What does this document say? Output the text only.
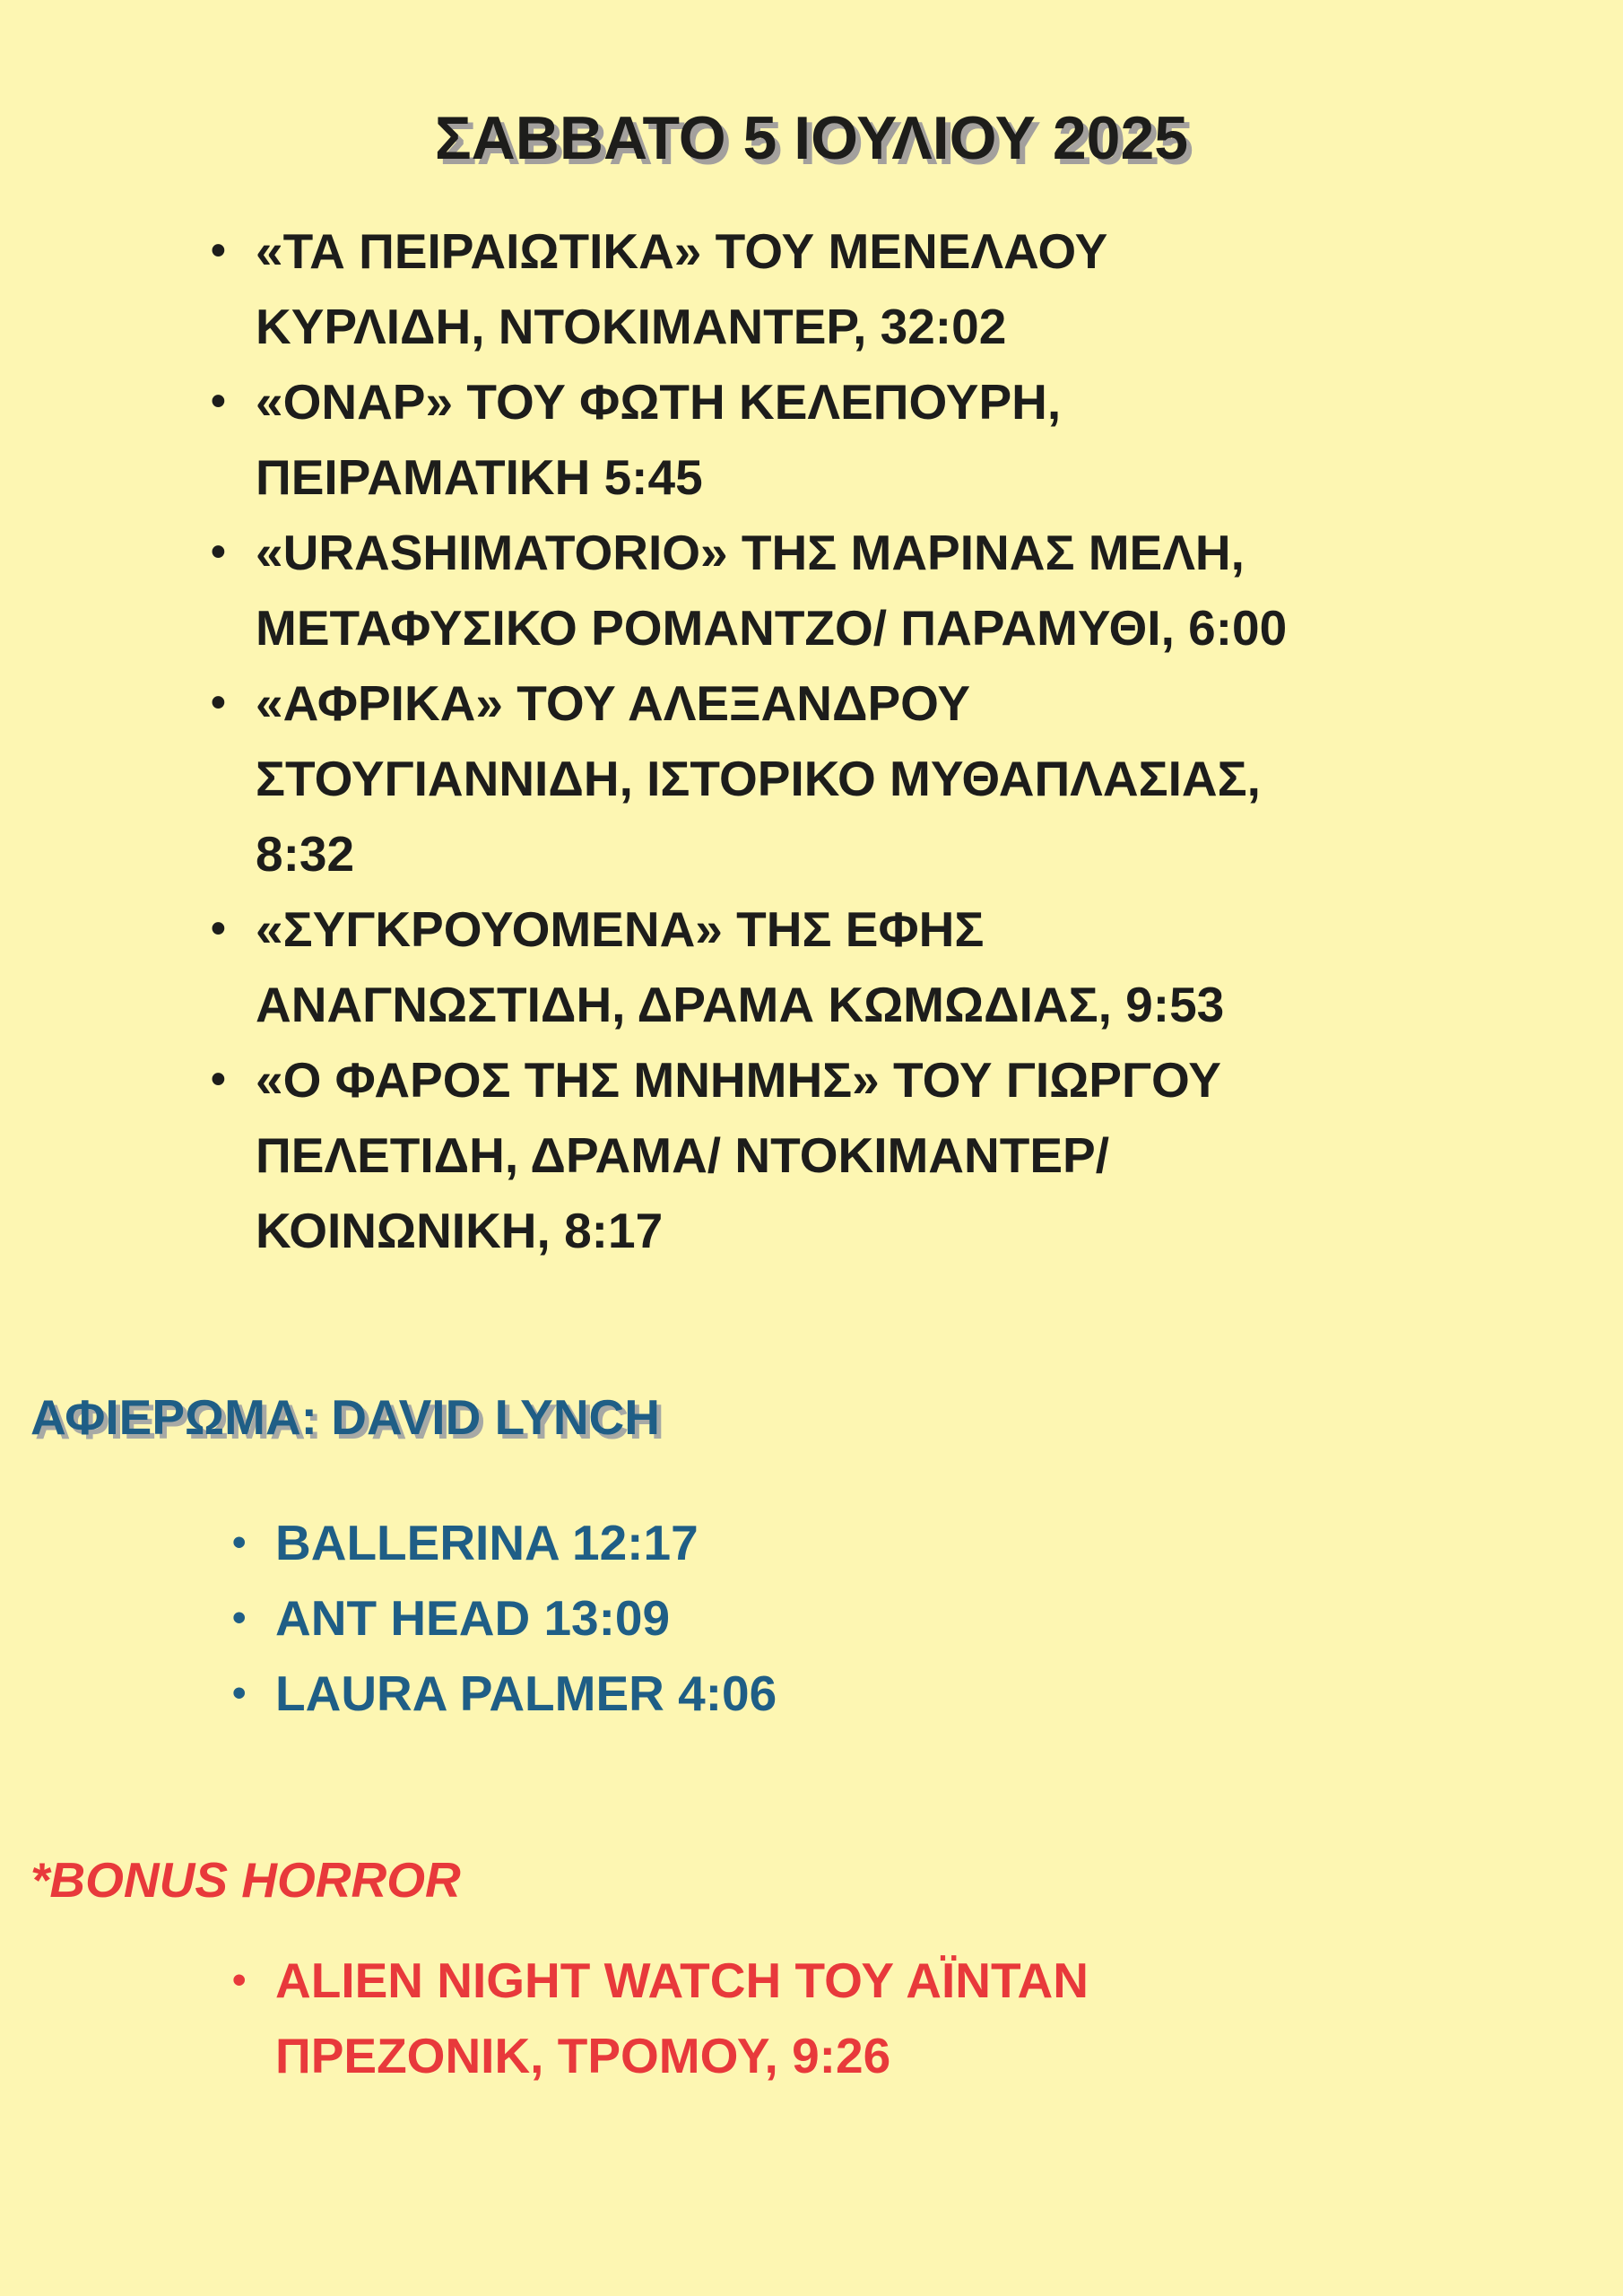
ΣΑΒΒΑΤΟ 5 ΙΟΥΛΙΟΥ 2025
• «ΤΑ ΠΕΙΡΑΙΩΤΙΚΑ» ΤΟΥ ΜΕΝΕΛΑΟΥ
ΚΥΡΛΙΔΗ, ΝΤΟΚΙΜΑΝΤΕΡ, 32:02
• «ΟΝΑΡ» ΤΟΥ ΦΩΤΗ ΚΕΛΕΠΟΥΡΗ,
ΠΕΙΡΑΜΑΤΙΚΗ 5:45
• «URASHIMATORIO» ΤΗΣ ΜΑΡΙΝΑΣ ΜΕΛΗ,
ΜΕΤΑΦΥΣΙΚΟ ΡΟΜΑΝΤΖΟ/ ΠΑΡΑΜΥΘΙ, 6:00
• «ΑΦΡΙΚΑ» ΤΟΥ ΑΛΕΞΑΝΔΡΟΥ
ΣΤΟΥΓΙΑΝΝΙΔΗ, ΙΣΤΟΡΙΚΟ ΜΥΘΑΠΛΑΣΙΑΣ,
8:32
• «ΣΥΓΚΡΟΥΟΜΕΝΑ» ΤΗΣ ΕΦΗΣ
ΑΝΑΓΝΩΣΤΙΔΗ, ΔΡΑΜΑ ΚΩΜΩΔΙΑΣ, 9:53
• «Ο ΦΑΡΟΣ ΤΗΣ ΜΝΗΜΗΣ» ΤΟΥ ΓΙΩΡΓΟΥ
ΠΕΛΕΤΙΔΗ, ΔΡΑΜΑ/ ΝΤΟΚΙΜΑΝΤΕΡ/
ΚΟΙΝΩΝΙΚΗ, 8:17
ΑΦΙΕΡΩΜΑ: DAVID LYNCH
• BALLERINA 12:17
• ANT HEAD 13:09
• LAURA PALMER 4:06
*BONUS HORROR
• ALIEN NIGHT WATCH ΤΟΥ ΑΪΝΤΑΝ
ΠΡΕΖΟΝΙΚ, ΤΡΟΜΟΥ, 9:26
